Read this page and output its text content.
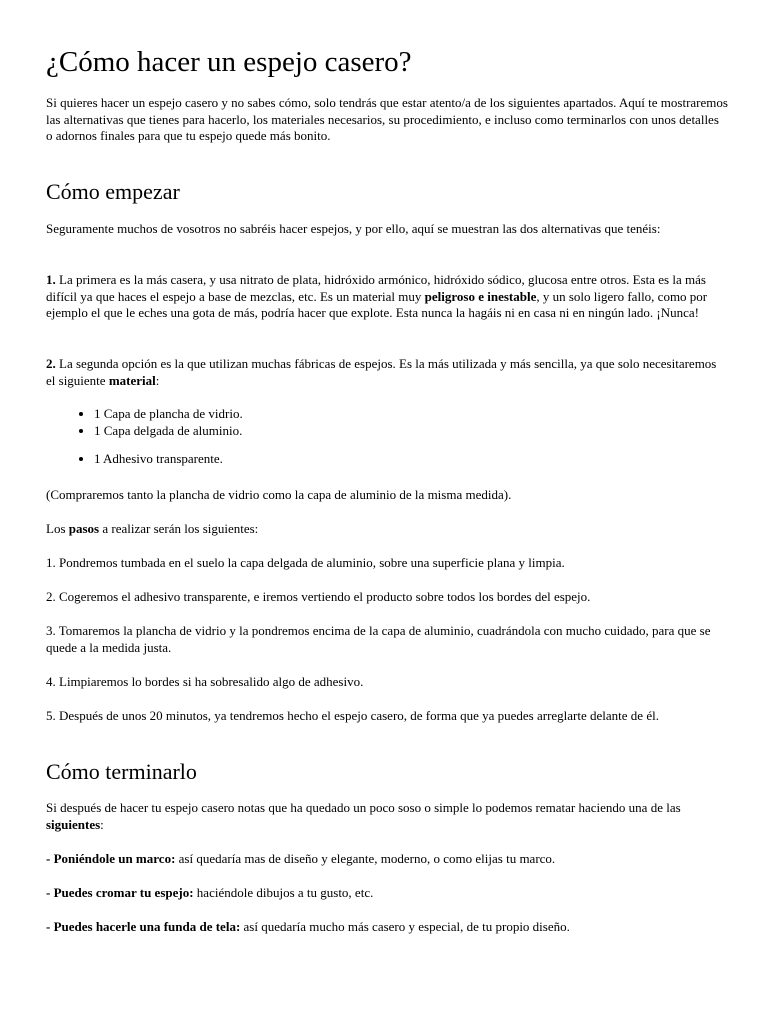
¿Cómo hacer un espejo casero?

Si quieres hacer un espejo casero y no sabes cómo, solo tendrás que estar atento/a de los siguientes apartados. Aquí te mostraremos las alternativas que tienes para hacerlo, los materiales necesarios, su procedimiento, e incluso como terminarlos con unos detalles o adornos finales para que tu espejo quede más bonito.

Cómo empezar

Seguramente muchos de vosotros no sabréis hacer espejos, y por ello, aquí se muestran las dos alternativas que tenéis:

1. La primera es la más casera, y usa nitrato de plata, hidróxido armónico, hidróxido sódico, glucosa entre otros. Esta es la más difícil ya que haces el espejo a base de mezclas, etc. Es un material muy peligroso e inestable, y un solo ligero fallo, como por ejemplo el que le eches una gota de más, podría hacer que explote. Esta nunca la hagáis ni en casa ni en ningún lado. ¡Nunca!

2. La segunda opción es la que utilizan muchas fábricas de espejos. Es la más utilizada y más sencilla, ya que solo necesitaremos el siguiente material:

• 1 Capa de plancha de vidrio.
• 1 Capa delgada de aluminio.
• 1 Adhesivo transparente.

(Compraremos tanto la plancha de vidrio como la capa de aluminio de la misma medida).

Los pasos a realizar serán los siguientes:

1. Pondremos tumbada en el suelo la capa delgada de aluminio, sobre una superficie plana y limpia.

2. Cogeremos el adhesivo transparente, e iremos vertiendo el producto sobre todos los bordes del espejo.

3. Tomaremos la plancha de vidrio y la pondremos encima de la capa de aluminio, cuadrándola con mucho cuidado, para que se quede a la medida justa.

4. Limpiaremos lo bordes si ha sobresalido algo de adhesivo.

5. Después de unos 20 minutos, ya tendremos hecho el espejo casero, de forma que ya puedes arreglarte delante de él.

Cómo terminarlo

Si después de hacer tu espejo casero notas que ha quedado un poco soso o simple lo podemos rematar haciendo una de las siguientes:

- Poniéndole un marco: así quedaría mas de diseño y elegante, moderno, o como elijas tu marco.

- Puedes cromar tu espejo: haciéndole dibujos a tu gusto, etc.

- Puedes hacerle una funda de tela: así quedaría mucho más casero y especial, de tu propio diseño.
